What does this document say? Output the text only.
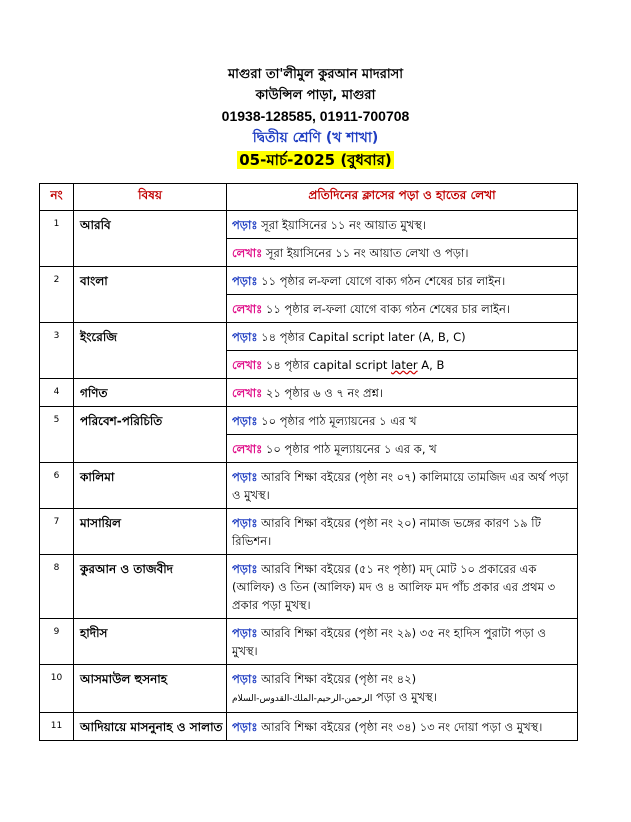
মাগুরা তা'লীমুল কুরআন মাদরাসা
কাউন্সিল পাড়া, মাগুরা
01938-128585, 01911-700708
দ্বিতীয় শ্রেণি (খ শাখা)
05-মার্চ-2025 (বুধবার)
নং	বিষয়	প্রতিদিনের ক্লাসের পড়া ও হাতের লেখা
1	আরবি	পড়াঃ সূরা ইয়াসিনের ১১ নং আয়াত মুখস্থ।
		লেখাঃ সূরা ইয়াসিনের ১১ নং আয়াত লেখা ও পড়া।
2	বাংলা	পড়াঃ ১১ পৃষ্ঠার ল-ফলা যোগে বাক্য গঠন শেষের চার লাইন।
		লেখাঃ ১১ পৃষ্ঠার ল-ফলা যোগে বাক্য গঠন শেষের চার লাইন।
3	ইংরেজি	পড়াঃ ১৪ পৃষ্ঠার Capital script later (A, B, C)
		লেখাঃ ১৪ পৃষ্ঠার capital script later A, B
4	গণিত	লেখাঃ ২১ পৃষ্ঠার ৬ ও ৭ নং প্রশ্ন।
5	পরিবেশ-পরিচিতি	পড়াঃ ১০ পৃষ্ঠার পাঠ মূল্যায়নের ১ এর খ
		লেখাঃ ১০ পৃষ্ঠার পাঠ মূল্যায়নের ১ এর ক, খ
6	কালিমা	পড়াঃ আরবি শিক্ষা বইয়ের (পৃষ্ঠা নং ০৭) কালিমায়ে তামজিদ এর অর্থ পড়া ও মুখস্থ।
7	মাসায়িল	পড়াঃ আরবি শিক্ষা বইয়ের (পৃষ্ঠা নং ২০) নামাজ ভঙ্গের কারণ ১৯ টি রিভিশন।
8	কুরআন ও তাজবীদ	পড়াঃ আরবি শিক্ষা বইয়ের (৫১ নং পৃষ্ঠা) মদ্ মোট ১০ প্রকারের এক (আলিফ) ও তিন (আলিফ) মদ ও ৪ আলিফ মদ পাঁচ প্রকার এর প্রথম ৩ প্রকার পড়া মুখস্থ।
9	হাদীস	পড়াঃ আরবি শিক্ষা বইয়ের (পৃষ্ঠা নং ২৯) ৩৫ নং হাদিস পুরাটা পড়া ও মুখস্থ।
10	আসমাউল হুসনাহ	পড়াঃ আরবি শিক্ষা বইয়ের (পৃষ্ঠা নং ৪২)
الرحمن-الرحيم-الملك-القدوس-السلام পড়া ও মুখস্থ।
11	আদিয়ায়ে মাসনুনাহ ও সালাত	পড়াঃ আরবি শিক্ষা বইয়ের (পৃষ্ঠা নং ৩৪) ১৩ নং দোয়া পড়া ও মুখস্থ।
